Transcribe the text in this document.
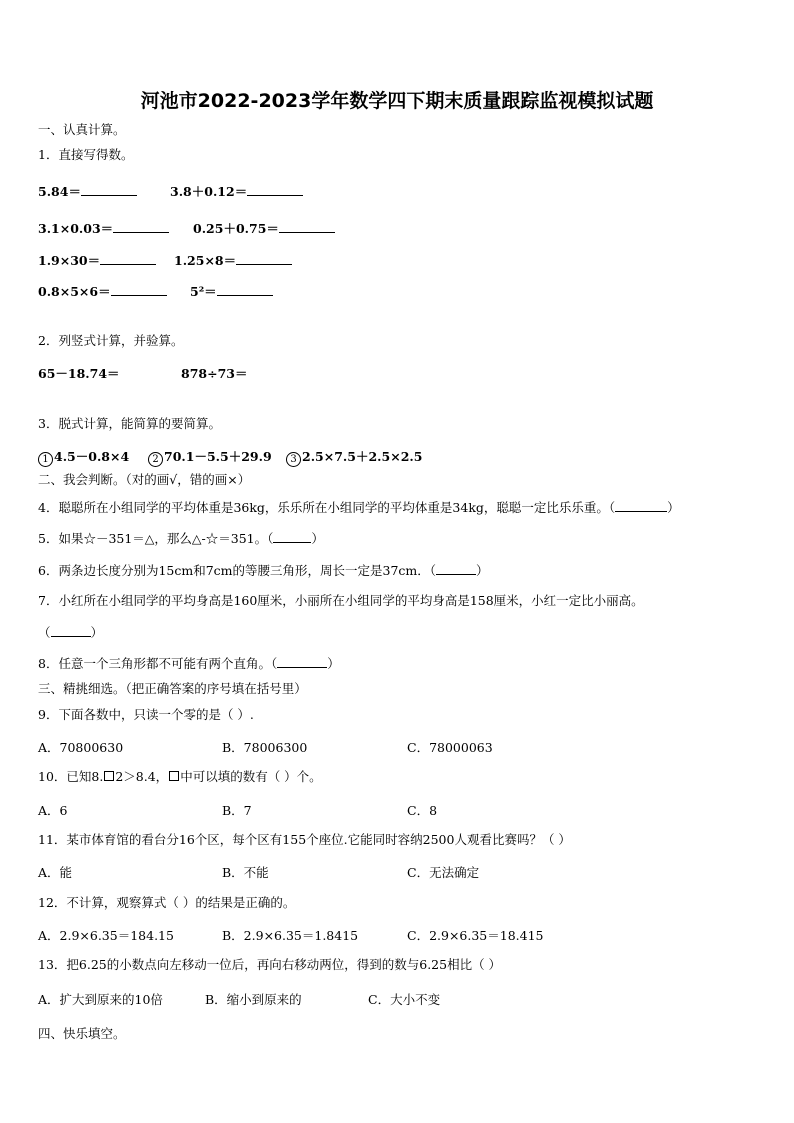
河池市2022-2023学年数学四下期末质量跟踪监视模拟试题
一、认真计算。
1．直接写得数。
5.84＝	3.8＋0.12＝
3.1×0.03＝	0.25＋0.75＝
1.9×30＝	1.25×8＝
0.8×5×6＝	5²＝
2．列竖式计算，并验算。
65－18.74＝	878÷73＝
3．脱式计算，能简算的要简算。
1 4.5－0.8×4	2 70.1－5.5＋29.9	3 2.5×7.5＋2.5×2.5
二、我会判断。（对的画√，错的画×）
4．聪聪所在小组同学的平均体重是36kg，乐乐所在小组同学的平均体重是34kg，聪聪一定比乐乐重。（	）
5．如果☆－351＝△，那么△-☆＝351。（	）
6．两条边长度分别为15cm和7cm的等腰三角形，周长一定是37cm．（	）
7．小红所在小组同学的平均身高是160厘米，小丽所在小组同学的平均身高是158厘米，小红一定比小丽高。
（	）
8．任意一个三角形都不可能有两个直角。（	）
三、精挑细选。（把正确答案的序号填在括号里）
9．下面各数中，只读一个零的是（ ）.
A．70800630	B．78006300	C．78000063
10．已知8. 2＞8.4， 中可以填的数有（ ）个。
A．6	B．7	C．8
11．某市体育馆的看台分16个区，每个区有155个座位.它能同时容纳2500人观看比赛吗？（ ）
A．能	B．不能	C．无法确定
12．不计算，观察算式（ ）的结果是正确的。
A．2.9×6.35＝184.15	B．2.9×6.35＝1.8415	C．2.9×6.35＝18.415
13．把6.25的小数点向左移动一位后，再向右移动两位，得到的数与6.25相比（ ）
A．扩大到原来的10倍	B．缩小到原来的	C．大小不变
四、快乐填空。
